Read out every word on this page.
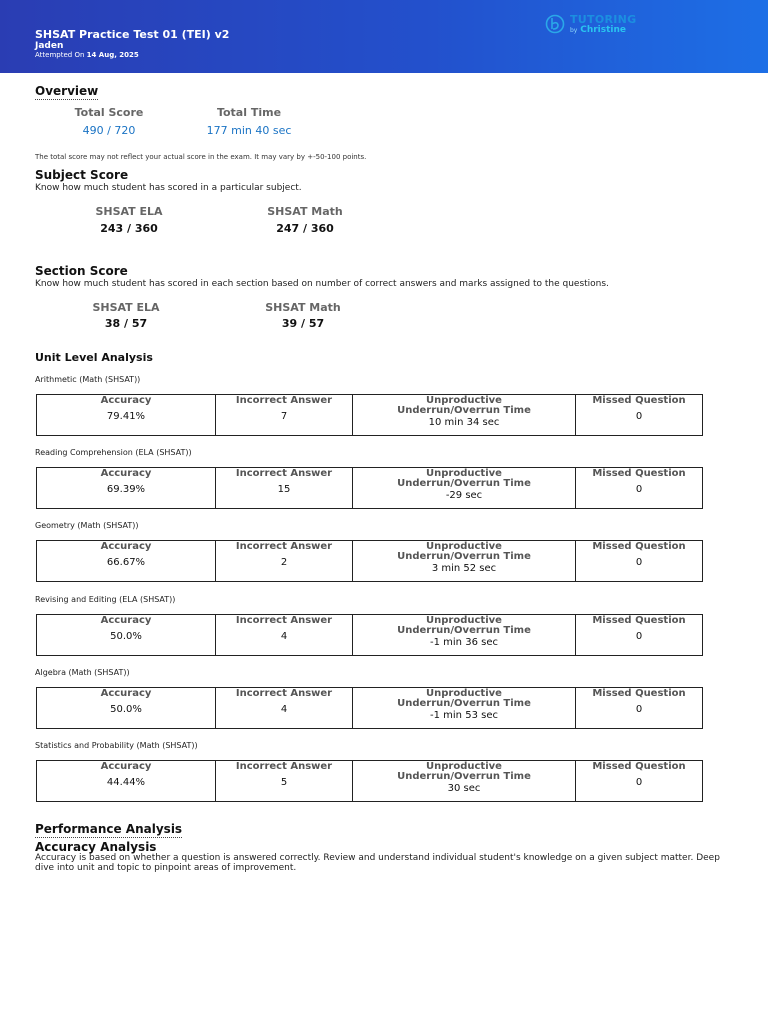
SHSAT Practice Test 01 (TEI) v2
Jaden
Attempted On 14 Aug, 2025
TUTORING
by Christine
Overview
Total Score
490 / 720
Total Time
177 min 40 sec
The total score may not reflect your actual score in the exam. It may vary by +-50-100 points.
Subject Score
Know how much student has scored in a particular subject.
SHSAT ELA
243 / 360
SHSAT Math
247 / 360
Section Score
Know how much student has scored in each section based on number of correct answers and marks assigned to the questions.
SHSAT ELA
38 / 57
SHSAT Math
39 / 57
Unit Level Analysis
Arithmetic (Math (SHSAT))
Accuracy
79.41%
Incorrect Answer
7
Unproductive Underrun/Overrun Time
10 min 34 sec
Missed Question
0
Reading Comprehension (ELA (SHSAT))
Accuracy
69.39%
Incorrect Answer
15
Unproductive Underrun/Overrun Time
-29 sec
Missed Question
0
Geometry (Math (SHSAT))
Accuracy
66.67%
Incorrect Answer
2
Unproductive Underrun/Overrun Time
3 min 52 sec
Missed Question
0
Revising and Editing (ELA (SHSAT))
Accuracy
50.0%
Incorrect Answer
4
Unproductive Underrun/Overrun Time
-1 min 36 sec
Missed Question
0
Algebra (Math (SHSAT))
Accuracy
50.0%
Incorrect Answer
4
Unproductive Underrun/Overrun Time
-1 min 53 sec
Missed Question
0
Statistics and Probability (Math (SHSAT))
Accuracy
44.44%
Incorrect Answer
5
Unproductive Underrun/Overrun Time
30 sec
Missed Question
0
Performance Analysis
Accuracy Analysis
Accuracy is based on whether a question is answered correctly. Review and understand individual student's knowledge on a given subject matter. Deep dive into unit and topic to pinpoint areas of improvement.
